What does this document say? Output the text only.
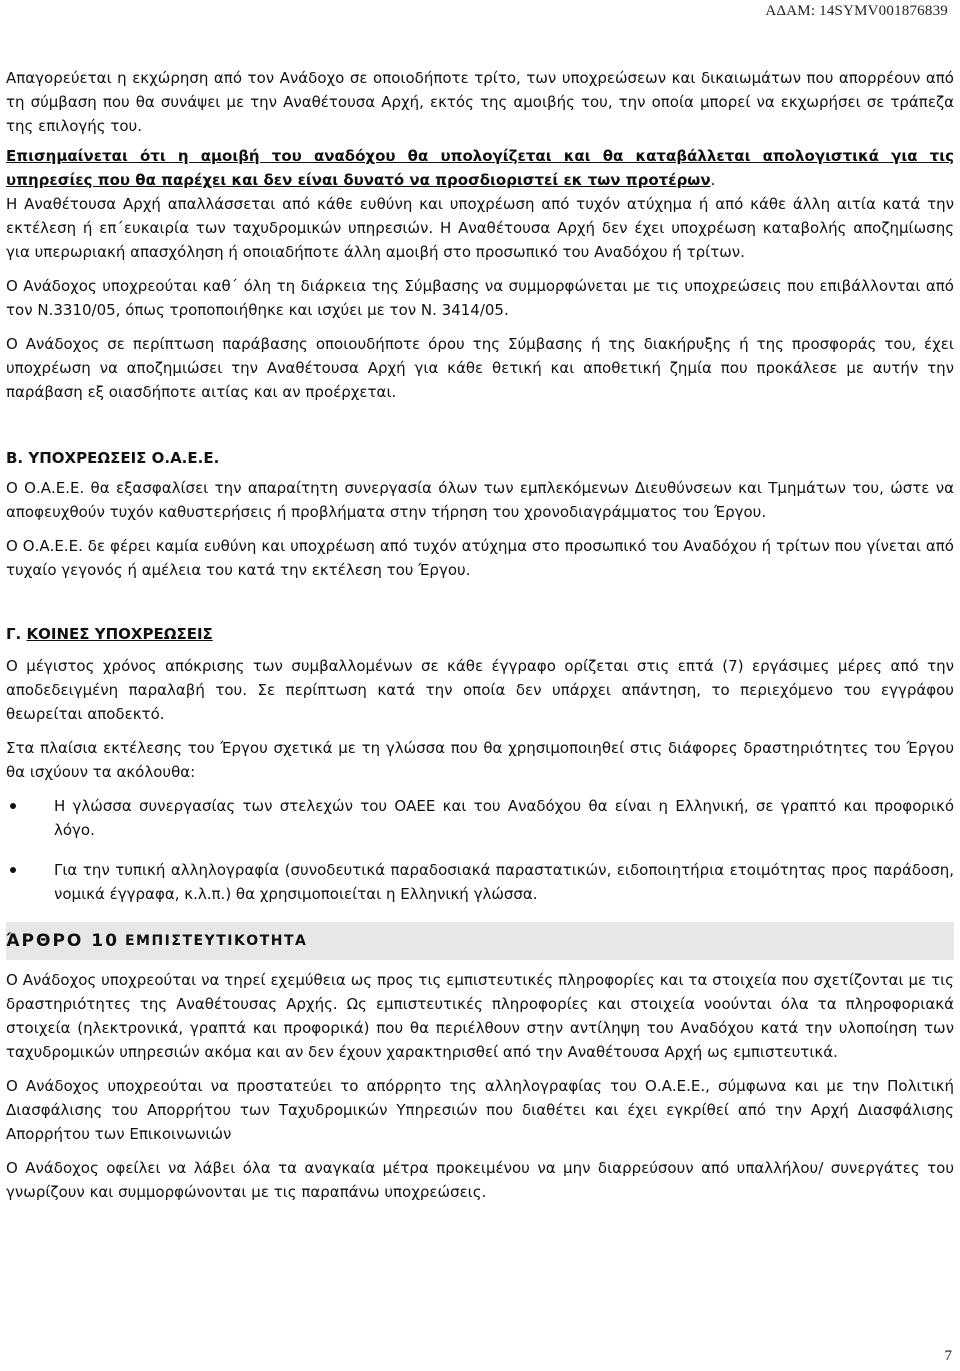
ΑΔΑΜ: 14SYMV001876839

Απαγορεύεται η εκχώρηση από τον Ανάδοχο σε οποιοδήποτε τρίτο, των υποχρεώσεων και δικαιωμάτων που απορρέουν από τη σύμβαση που θα συνάψει με την Αναθέτουσα Αρχή, εκτός της αμοιβής του, την οποία μπορεί να εκχωρήσει σε τράπεζα της επιλογής του.

Επισημαίνεται ότι η αμοιβή του αναδόχου θα υπολογίζεται και θα καταβάλλεται απολογιστικά για τις υπηρεσίες που θα παρέχει και δεν είναι δυνατό να προσδιοριστεί εκ των προτέρων.

Η Αναθέτουσα Αρχή απαλλάσσεται από κάθε ευθύνη και υποχρέωση από τυχόν ατύχημα ή από κάθε άλλη αιτία κατά την εκτέλεση ή επ΄ευκαιρία των ταχυδρομικών υπηρεσιών. Η Αναθέτουσα Αρχή δεν έχει υποχρέωση καταβολής αποζημίωσης για υπερωριακή απασχόληση ή οποιαδήποτε άλλη αμοιβή στο προσωπικό του Αναδόχου ή τρίτων.

Ο Ανάδοχος υποχρεούται καθ΄ όλη τη διάρκεια της Σύμβασης να συμμορφώνεται με τις υποχρεώσεις που επιβάλλονται από τον Ν.3310/05, όπως τροποποιήθηκε και ισχύει με τον Ν. 3414/05.

Ο Ανάδοχος σε περίπτωση παράβασης οποιουδήποτε όρου της Σύμβασης ή της διακήρυξης ή της προσφοράς του, έχει υποχρέωση να αποζημιώσει την Αναθέτουσα Αρχή για κάθε θετική και αποθετική ζημία που προκάλεσε με αυτήν την παράβαση εξ οιασδήποτε αιτίας και αν προέρχεται.

Β. ΥΠΟΧΡΕΩΣΕΙΣ Ο.Α.Ε.Ε.

Ο Ο.Α.Ε.Ε. θα εξασφαλίσει την απαραίτητη συνεργασία όλων των εμπλεκόμενων Διευθύνσεων και Τμημάτων του, ώστε να αποφευχθούν τυχόν καθυστερήσεις ή προβλήματα στην τήρηση του χρονοδιαγράμματος του Έργου.

Ο Ο.Α.Ε.Ε. δε φέρει καμία ευθύνη και υποχρέωση από τυχόν ατύχημα στο προσωπικό του Αναδόχου ή τρίτων που γίνεται από τυχαίο γεγονός ή αμέλεια του κατά την εκτέλεση του Έργου.

Γ. ΚΟΙΝΕΣ ΥΠΟΧΡΕΩΣΕΙΣ

Ο μέγιστος χρόνος απόκρισης των συμβαλλομένων σε κάθε έγγραφο ορίζεται στις επτά (7) εργάσιμες μέρες από την αποδεδειγμένη παραλαβή του. Σε περίπτωση κατά την οποία δεν υπάρχει απάντηση, το περιεχόμενο του εγγράφου θεωρείται αποδεκτό.

Στα πλαίσια εκτέλεσης του Έργου σχετικά με τη γλώσσα που θα χρησιμοποιηθεί στις διάφορες δραστηριότητες του Έργου θα ισχύουν τα ακόλουθα:

Η γλώσσα συνεργασίας των στελεχών του ΟΑΕΕ και του Αναδόχου θα είναι η Ελληνική, σε γραπτό και προφορικό λόγο.

Για την τυπική αλληλογραφία (συνοδευτικά παραδοσιακά παραστατικών, ειδοποιητήρια ετοιμότητας προς παράδοση, νομικά έγγραφα, κ.λ.π.) θα χρησιμοποιείται η Ελληνική γλώσσα.

ΆΡΘΡΟ 10 ΕΜΠΙΣΤΕΥΤΙΚΟΤΗΤΑ

Ο Ανάδοχος υποχρεούται να τηρεί εχεμύθεια ως προς τις εμπιστευτικές πληροφορίες και τα στοιχεία που σχετίζονται με τις δραστηριότητες της Αναθέτουσας Αρχής. Ως εμπιστευτικές πληροφορίες και στοιχεία νοούνται όλα τα πληροφοριακά στοιχεία (ηλεκτρονικά, γραπτά και προφορικά) που θα περιέλθουν στην αντίληψη του Αναδόχου κατά την υλοποίηση των ταχυδρομικών υπηρεσιών ακόμα και αν δεν έχουν χαρακτηρισθεί από την Αναθέτουσα Αρχή ως εμπιστευτικά.

Ο Ανάδοχος υποχρεούται να προστατεύει το απόρρητο της αλληλογραφίας του Ο.Α.Ε.Ε., σύμφωνα και με την Πολιτική Διασφάλισης του Απορρήτου των Ταχυδρομικών Υπηρεσιών που διαθέτει και έχει εγκρίθεί από την Αρχή Διασφάλισης Απορρήτου των Επικοινωνιών

Ο Ανάδοχος οφείλει να λάβει όλα τα αναγκαία μέτρα προκειμένου να μην διαρρεύσουν από υπαλλήλου/ συνεργάτες του γνωρίζουν και συμμορφώνονται με τις παραπάνω υποχρεώσεις.

7
